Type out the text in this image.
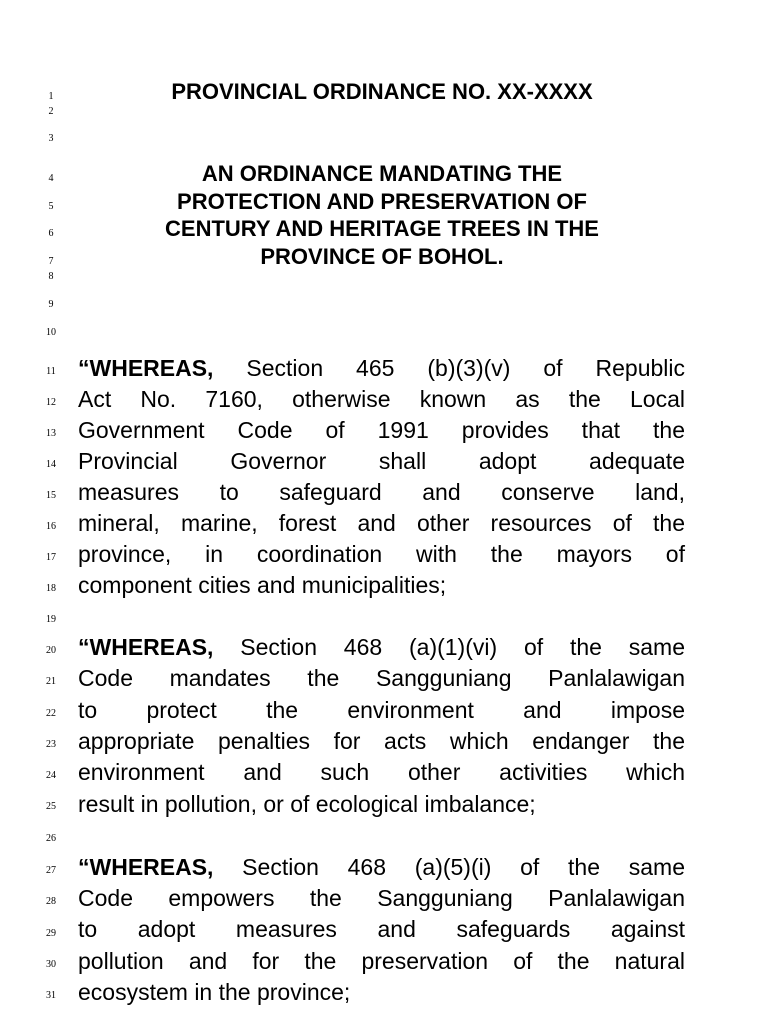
1
2
3
4
5
6
7
8
9
10
11
12
13
14
15
16
17
18
19
20
21
22
23
24
25
26
27
28
29
30
31
PROVINCIAL ORDINANCE NO. XX-XXXX
AN ORDINANCE MANDATING THE
PROTECTION AND PRESERVATION OF
CENTURY AND HERITAGE TREES IN THE
PROVINCE OF BOHOL.
“WHEREAS, Section 465 (b)(3)(v) of Republic
Act No. 7160, otherwise known as the Local
Government Code of 1991 provides that the
Provincial Governor shall adopt adequate
measures to safeguard and conserve land,
mineral, marine, forest and other resources of the
province, in coordination with the mayors of
component cities and municipalities;
“WHEREAS, Section 468 (a)(1)(vi) of the same
Code mandates the Sangguniang Panlalawigan
to protect the environment and impose
appropriate penalties for acts which endanger the
environment and such other activities which
result in pollution, or of ecological imbalance;
“WHEREAS, Section 468 (a)(5)(i) of the same
Code empowers the Sangguniang Panlalawigan
to adopt measures and safeguards against
pollution and for the preservation of the natural
ecosystem in the province;
